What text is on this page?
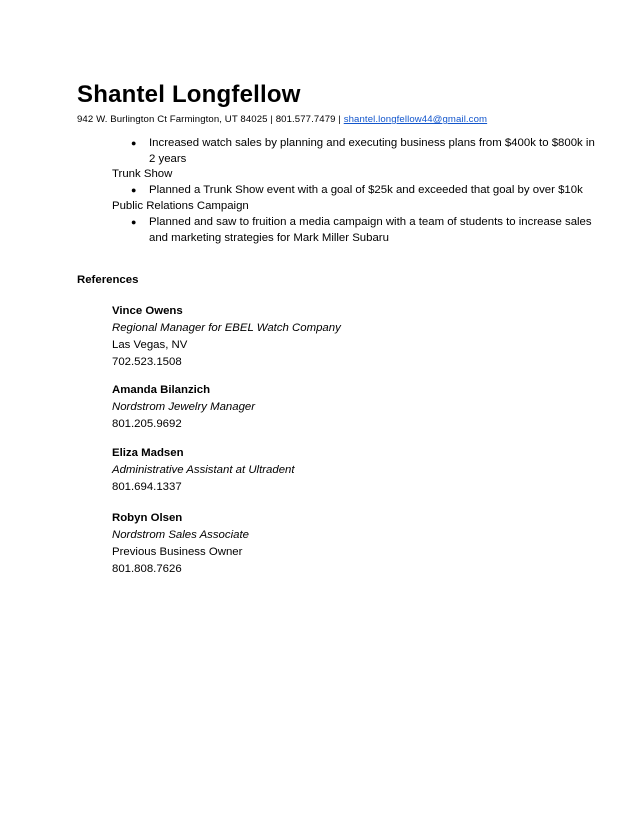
Shantel Longfellow
942 W. Burlington Ct Farmington, UT 84025 | 801.577.7479 | shantel.longfellow44@gmail.com
● Increased watch sales by planning and executing business plans from $400k to $800k in
2 years
Trunk Show
● Planned a Trunk Show event with a goal of $25k and exceeded that goal by over $10k
Public Relations Campaign
● Planned and saw to fruition a media campaign with a team of students to increase sales
and marketing strategies for Mark Miller Subaru
References
Vince Owens
Regional Manager for EBEL Watch Company
Las Vegas, NV
702.523.1508
Amanda Bilanzich
Nordstrom Jewelry Manager
801.205.9692
Eliza Madsen
Administrative Assistant at Ultradent
801.694.1337
Robyn Olsen
Nordstrom Sales Associate
Previous Business Owner
801.808.7626
